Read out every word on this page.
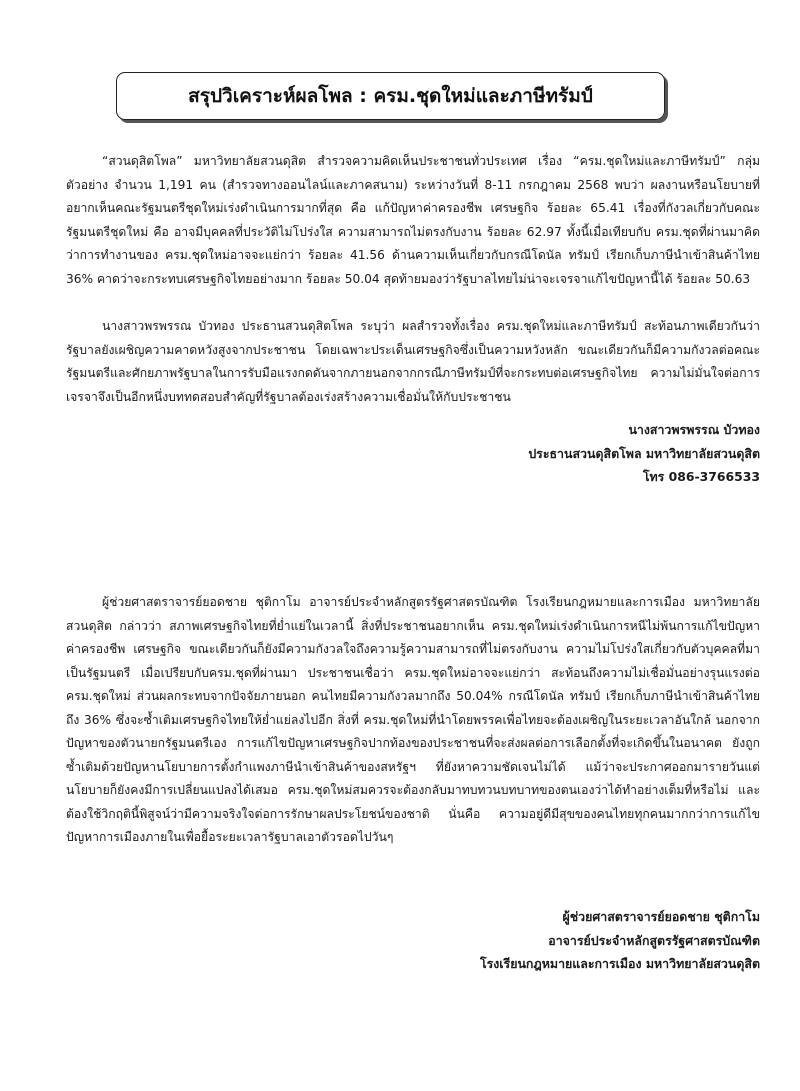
สรุปวิเคราะห์ผลโพล : ครม.ชุดใหม่และภาษีทรัมป์

“สวนดุสิตโพล” มหาวิทยาลัยสวนดุสิต สำรวจความคิดเห็นประชาชนทั่วประเทศ เรื่อง “ครม.ชุดใหม่และภาษีทรัมป์” กลุ่มตัวอย่าง จำนวน 1,191 คน (สำรวจทางออนไลน์และภาคสนาม) ระหว่างวันที่ 8-11 กรกฎาคม 2568 พบว่า ผลงานหรือนโยบายที่อยากเห็นคณะรัฐมนตรีชุดใหม่เร่งดำเนินการมากที่สุด คือ แก้ปัญหาค่าครองชีพ เศรษฐกิจ ร้อยละ 65.41 เรื่องที่กังวลเกี่ยวกับคณะรัฐมนตรีชุดใหม่ คือ อาจมีบุคคลที่ประวัติไม่โปร่งใส ความสามารถไม่ตรงกับงาน ร้อยละ 62.97 ทั้งนี้เมื่อเทียบกับ ครม.ชุดที่ผ่านมาคิดว่าการทำงานของ ครม.ชุดใหม่อาจจะแย่กว่า ร้อยละ 41.56 ด้านความเห็นเกี่ยวกับกรณีโดนัล ทรัมป์ เรียกเก็บภาษีนำเข้าสินค้าไทย 36% คาดว่าจะกระทบเศรษฐกิจไทยอย่างมาก ร้อยละ 50.04 สุดท้ายมองว่ารัฐบาลไทยไม่น่าจะเจรจาแก้ไขปัญหานี้ได้ ร้อยละ 50.63

นางสาวพรพรรณ บัวทอง ประธานสวนดุสิตโพล ระบุว่า ผลสำรวจทั้งเรื่อง ครม.ชุดใหม่และภาษีทรัมป์ สะท้อนภาพเดียวกันว่ารัฐบาลยังเผชิญความคาดหวังสูงจากประชาชน โดยเฉพาะประเด็นเศรษฐกิจซึ่งเป็นความหวังหลัก ขณะเดียวกันก็มีความกังวลต่อคณะรัฐมนตรีและศักยภาพรัฐบาลในการรับมือแรงกดดันจากภายนอกจากกรณีภาษีทรัมป์ที่จะกระทบต่อเศรษฐกิจไทย ความไม่มั่นใจต่อการเจรจาจึงเป็นอีกหนึ่งบททดสอบสำคัญที่รัฐบาลต้องเร่งสร้างความเชื่อมั่นให้กับประชาชน

นางสาวพรพรรณ บัวทอง
ประธานสวนดุสิตโพล มหาวิทยาลัยสวนดุสิต
โทร 086-3766533

ผู้ช่วยศาสตราจารย์ยอดชาย ชุติกาโม อาจารย์ประจำหลักสูตรรัฐศาสตรบัณฑิต โรงเรียนกฎหมายและการเมือง มหาวิทยาลัยสวนดุสิต กล่าวว่า สภาพเศรษฐกิจไทยที่ย่ำแย่ในเวลานี้ สิ่งที่ประชาชนอยากเห็น ครม.ชุดใหม่เร่งดำเนินการหนีไม่พ้นการแก้ไขปัญหาค่าครองชีพ เศรษฐกิจ ขณะเดียวกันก็ยังมีความกังวลใจถึงความรู้ความสามารถที่ไม่ตรงกับงาน ความไม่โปร่งใสเกี่ยวกับตัวบุคคลที่มาเป็นรัฐมนตรี เมื่อเปรียบกับครม.ชุดที่ผ่านมา ประชาชนเชื่อว่า ครม.ชุดใหม่อาจจะแย่กว่า สะท้อนถึงความไม่เชื่อมั่นอย่างรุนแรงต่อ ครม.ชุดใหม่ ส่วนผลกระทบจากปัจจัยภายนอก คนไทยมีความกังวลมากถึง 50.04% กรณีโดนัล ทรัมป์ เรียกเก็บภาษีนำเข้าสินค้าไทยถึง 36% ซึ่งจะซ้ำเติมเศรษฐกิจไทยให้ย่ำแย่ลงไปอีก สิ่งที่ ครม.ชุดใหม่ที่นำโดยพรรคเพื่อไทยจะต้องเผชิญในระยะเวลาอันใกล้ นอกจากปัญหาของตัวนายกรัฐมนตรีเอง การแก้ไขปัญหาเศรษฐกิจปากท้องของประชาชนที่จะส่งผลต่อการเลือกตั้งที่จะเกิดขึ้นในอนาคต ยังถูกซ้ำเติมด้วยปัญหานโยบายการตั้งกำแพงภาษีนำเข้าสินค้าของสหรัฐฯ ที่ยังหาความชัดเจนไม่ได้ แม้ว่าจะประกาศออกมารายวันแต่นโยบายก็ยังคงมีการเปลี่ยนแปลงได้เสมอ ครม.ชุดใหม่สมควรจะต้องกลับมาทบทวนบทบาทของตนเองว่าได้ทำอย่างเต็มที่หรือไม่ และต้องใช้วิกฤตินี้พิสูจน์ว่ามีความจริงใจต่อการรักษาผลประโยชน์ของชาติ นั่นคือ ความอยู่ดีมีสุขของคนไทยทุกคนมากกว่าการแก้ไขปัญหาการเมืองภายในเพื่อยื้อระยะเวลารัฐบาลเอาตัวรอดไปวันๆ

ผู้ช่วยศาสตราจารย์ยอดชาย ชุติกาโม
อาจารย์ประจำหลักสูตรรัฐศาสตรบัณฑิต
โรงเรียนกฎหมายและการเมือง มหาวิทยาลัยสวนดุสิต
